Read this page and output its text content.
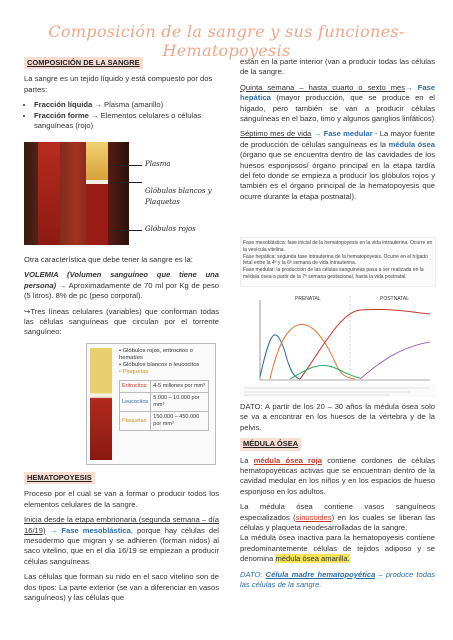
Composición de la sangre y sus funciones-Hematopoyesis

COMPOSICIÓN DE LA SANGRE

La sangre es un tejido líquido y está compuesto por dos partes:

• Fracción líquida → Plasma (amarillo)
• Fracción forme → Elementos celulares o células sanguíneas (rojo)
Plasma
Glóbulos blancos y Plaquetas
Glóbulos rojos

Otra característica que debe tener la sangre es la:

VOLEMIA (Volumen sanguíneo que tiene una persona) → Aproximadamente de 70 ml por Kg de peso (5 litros). 8% de pc (peso corporal).

↪Tres líneas celulares (variables) que conforman todas las células sanguíneas que circulan por el torrente sanguíneo:

• Glóbulos rojos, eritrocitos o hematíes
• Glóbulos blancos o leucocitos
• Plaquetas
Eritrocitos	4-5 millones por mm³
Leucocitos	5.000 – 10.000 por mm³
Plaquetas	150.000 – 450.000 por mm³

HEMATOPOYESIS

Proceso por el cual se van a formar o producir todos los elementos celulares de la sangre.

Inicia desde la etapa embrionaria (segunda semana – día 16/19) → Fase mesoblástica, porque hay células del mesodermo que migran y se adhieren (forman nidos) al saco vitelino, que en el día 16/19 se empiezan a producir células sanguíneas.

Las células que forman su nido en el saco vitelino son de dos tipos: La parte exterior (se van a diferenciar en vasos sanguíneos) y las células que

están en la parte interior (van a producir todas las células de la sangre.

Quinta semana – hasta cuarto o sexto mes→ Fase hepática (mayor producción, que se produce en el hígado, pero también se van a producir células sanguíneas en el bazo, timo y algunos ganglios linfáticos)

Séptimo mes de vida → Fase medular - La mayor fuente de producción de células sanguíneas es la médula ósea (órgano que se encuentra dentro de las cavidades de los huesos esponjosos/ órgano principal en la etapa tardía del feto donde se empieza a producir los glóbulos rojos y también es el órgano principal de la hematopoyesis que ocurre durante la etapa postnatal).

Fase mesoblástica: fase inicial de la hematopoyesis en la vida intrauterina. Ocurre en la vesícula vitelina.
Fase hepática: segunda fase intrauterina de la hematopoyesis. Ocurre en el hígado fetal entre la 4ª y la 6ª semana de vida intrauterina.
Fase medular: la producción de las células sanguíneas pasa a ser realizada en la médula ósea a partir de la 7ª semana gestacional, hasta la vida postnatal.
PRENATAL	POSTNATAL

DATO: A partir de los 20 – 30 años la médula ósea solo se va a encontrar en los huesos de la vértebra y de la pelvis.

MÉDULA ÓSEA

La médula ósea roja contiene cordones de células hematopoyéticas activas que se encuentran dentro de la cavidad medular en los niños y en los espacios de hueso esponjoso en los adultos.

La médula ósea contiene vasos sanguíneos especializados (sinusoides) en los cuales se liberan las células y plaqueta neodesarrolladas de la sangre.

La médula ósea inactiva para la hematopoyesis contiene predominantemente células de tejidos adiposo y se denomina médula ósea amarilla.

DATO: Célula madre hematopoyética – produce todas las células de la sangre.
